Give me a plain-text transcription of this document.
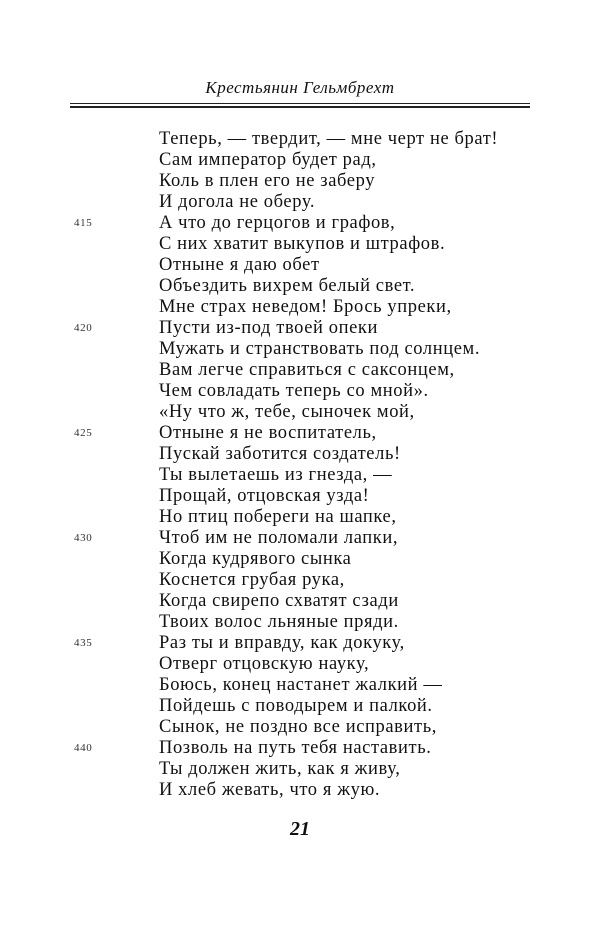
Крестьянин Гельмбрехт
Теперь, — твердит, — мне черт не брат!
Сам император будет рад,
Коль в плен его не заберу
И догола не оберу.
А что до герцогов и графов,
415
С них хватит выкупов и штрафов.
Отныне я даю обет
Объездить вихрем белый свет.
Мне страх неведом! Брось упреки,
Пусти из-под твоей опеки
420
Мужать и странствовать под солнцем.
Вам легче справиться с саксонцем,
Чем совладать теперь со мной».
«Ну что ж, тебе, сыночек мой,
Отныне я не воспитатель,
425
Пускай заботится создатель!
Ты вылетаешь из гнезда, —
Прощай, отцовская узда!
Но птиц побереги на шапке,
Чтоб им не поломали лапки,
430
Когда кудрявого сынка
Коснется грубая рука,
Когда свирепо схватят сзади
Твоих волос льняные пряди.
Раз ты и вправду, как докуку,
435
Отверг отцовскую науку,
Боюсь, конец настанет жалкий —
Пойдешь с поводырем и палкой.
Сынок, не поздно все исправить,
Позволь на путь тебя наставить.
440
Ты должен жить, как я живу,
И хлеб жевать, что я жую.
21
